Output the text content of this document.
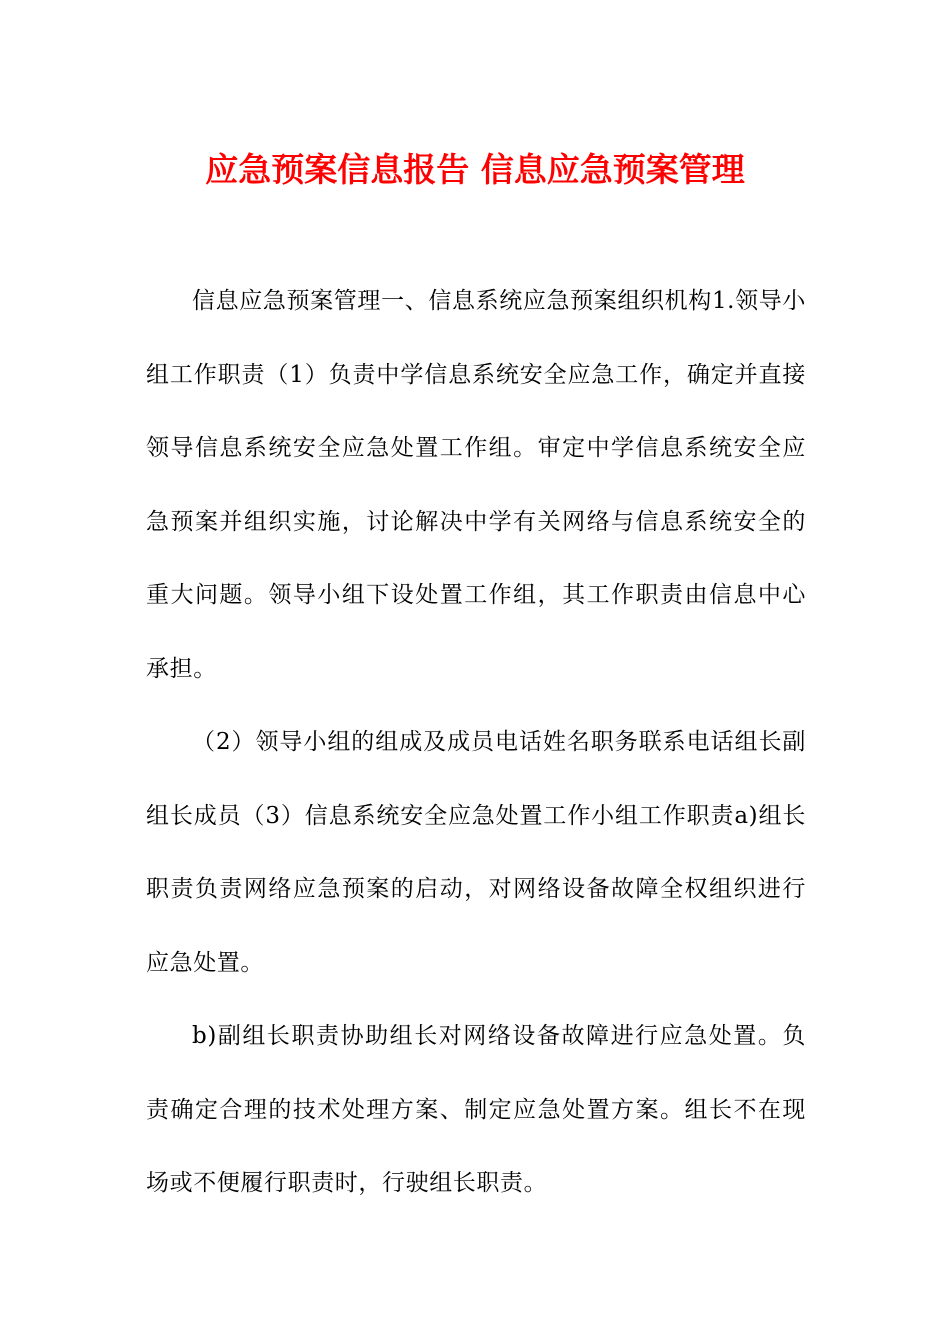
应急预案信息报告 信息应急预案管理

信息应急预案管理一、信息系统应急预案组织机构1.领导小组工作职责（1）负责中学信息系统安全应急工作，确定并直接领导信息系统安全应急处置工作组。审定中学信息系统安全应急预案并组织实施，讨论解决中学有关网络与信息系统安全的重大问题。领导小组下设处置工作组，其工作职责由信息中心承担。

（2）领导小组的组成及成员电话姓名职务联系电话组长副组长成员（3）信息系统安全应急处置工作小组工作职责a)组长职责负责网络应急预案的启动，对网络设备故障全权组织进行应急处置。

b)副组长职责协助组长对网络设备故障进行应急处置。负责确定合理的技术处理方案、制定应急处置方案。组长不在现场或不便履行职责时，行驶组长职责。
